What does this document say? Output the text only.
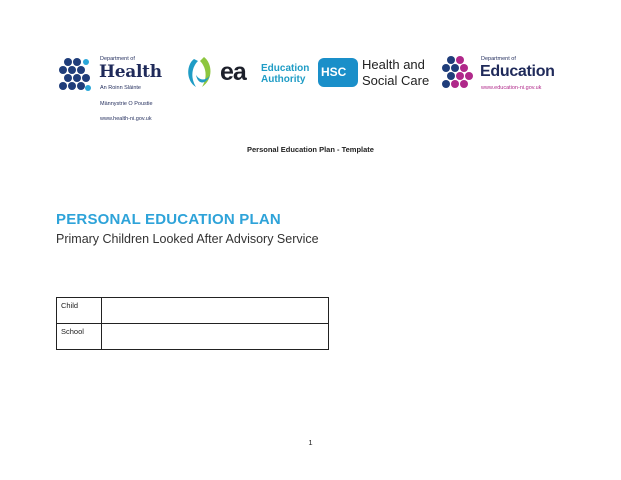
Department of
Health
An Roinn Sláinte
Männystrie O Poustie
www.health-ni.gov.uk
ea Education
Authority
HSC Health and
Social Care
Department of
Education
www.education-ni.gov.uk
Personal Education Plan - Template
PERSONAL EDUCATION PLAN
Primary Children Looked After Advisory Service
Child	
School	
1
